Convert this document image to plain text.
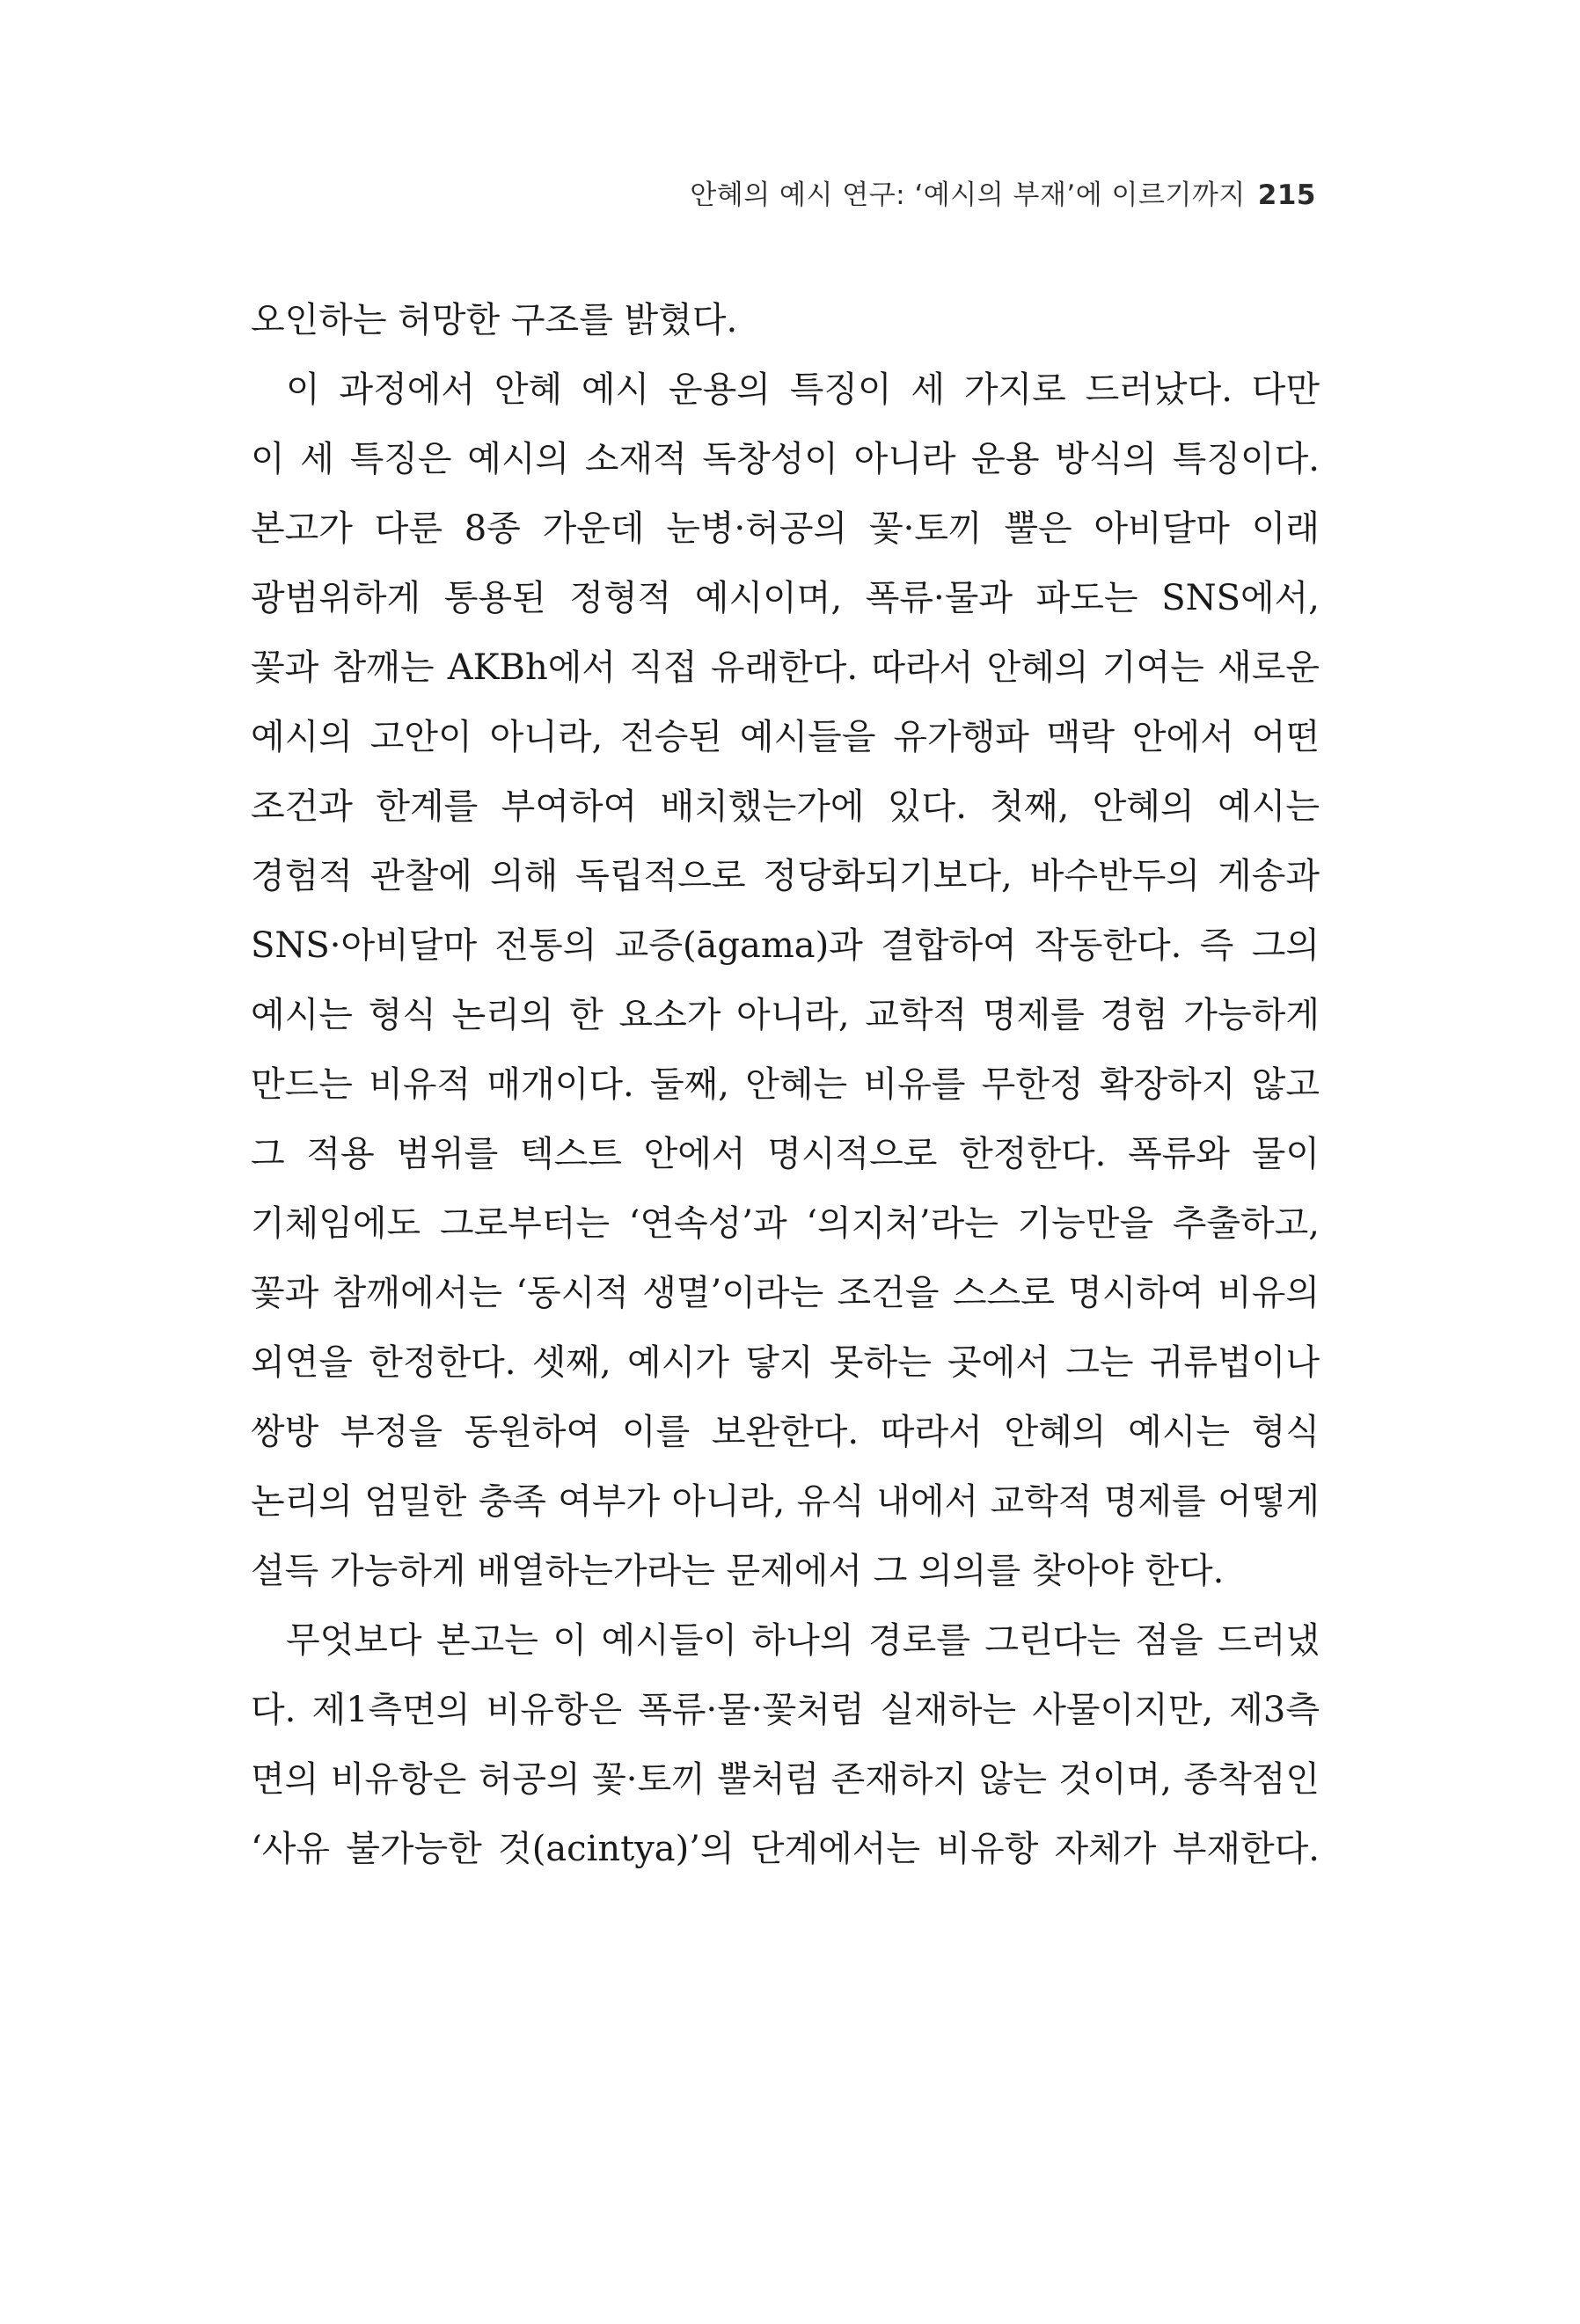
안혜의 예시 연구: ‘예시의 부재’에 이르기까지 215
오인하는 허망한 구조를 밝혔다.
이 과정에서 안혜 예시 운용의 특징이 세 가지로 드러났다. 다만
이 세 특징은 예시의 소재적 독창성이 아니라 운용 방식의 특징이다.
본고가 다룬 8종 가운데 눈병·허공의 꽃·토끼 뿔은 아비달마 이래
광범위하게 통용된 정형적 예시이며, 폭류·물과 파도는 SNS에서,
꽃과 참깨는 AKBh에서 직접 유래한다. 따라서 안혜의 기여는 새로운
예시의 고안이 아니라, 전승된 예시들을 유가행파 맥락 안에서 어떤
조건과 한계를 부여하여 배치했는가에 있다. 첫째, 안혜의 예시는
경험적 관찰에 의해 독립적으로 정당화되기보다, 바수반두의 게송과
SNS·아비달마 전통의 교증(āgama)과 결합하여 작동한다. 즉 그의
예시는 형식 논리의 한 요소가 아니라, 교학적 명제를 경험 가능하게
만드는 비유적 매개이다. 둘째, 안혜는 비유를 무한정 확장하지 않고
그 적용 범위를 텍스트 안에서 명시적으로 한정한다. 폭류와 물이
기체임에도 그로부터는 ‘연속성’과 ‘의지처’라는 기능만을 추출하고,
꽃과 참깨에서는 ‘동시적 생멸’이라는 조건을 스스로 명시하여 비유의
외연을 한정한다. 셋째, 예시가 닿지 못하는 곳에서 그는 귀류법이나
쌍방 부정을 동원하여 이를 보완한다. 따라서 안혜의 예시는 형식
논리의 엄밀한 충족 여부가 아니라, 유식 내에서 교학적 명제를 어떻게
설득 가능하게 배열하는가라는 문제에서 그 의의를 찾아야 한다.
무엇보다 본고는 이 예시들이 하나의 경로를 그린다는 점을 드러냈
다. 제1측면의 비유항은 폭류·물·꽃처럼 실재하는 사물이지만, 제3측
면의 비유항은 허공의 꽃·토끼 뿔처럼 존재하지 않는 것이며, 종착점인
‘사유 불가능한 것(acintya)’의 단계에서는 비유항 자체가 부재한다.
